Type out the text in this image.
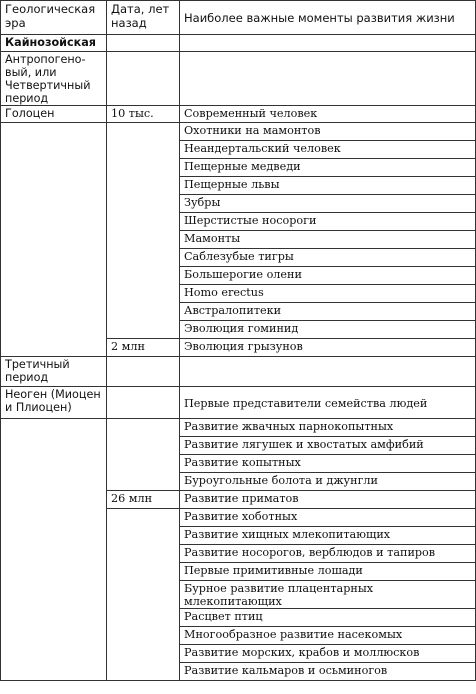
Геологическая эра	Дата, лет назад	Наиболее важные моменты развития жизни
Кайнозойская		
Антропогено-вый, или Четвертичный период		
Голоцен	10 тыс.	Современный человек
		Охотники на мамонтов
		Неандертальский человек
		Пещерные медведи
		Пещерные львы
		Зубры
		Шерстистые носороги
		Мамонты
		Саблезубые тигры
		Большерогие олени
		Homo erectus
		Австралопитеки
		Эволюция гоминид
	2 млн	Эволюция грызунов
Третичный период		
Неоген (Миоцен и Плиоцен)		Первые представители семейства людей
		Развитие жвачных парнокопытных
		Развитие лягушек и хвостатых амфибий
		Развитие копытных
		Буроугольные болота и джунгли
	26 млн	Развитие приматов
		Развитие хоботных
		Развитие хищных млекопитающих
		Развитие носорогов, верблюдов и тапиров
		Первые примитивные лошади
		Бурное развитие плацентарных млекопитающих
		Расцвет птиц
		Многообразное развитие насекомых
		Развитие морских, крабов и моллюсков
		Развитие кальмаров и осьминогов
